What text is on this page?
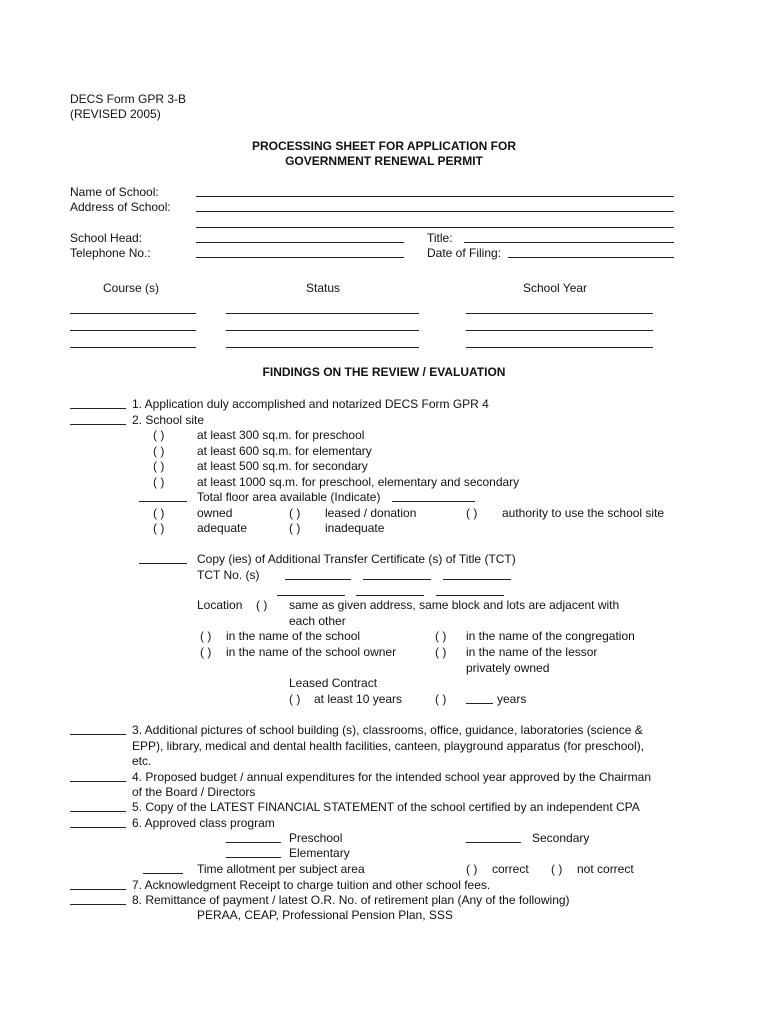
DECS Form GPR 3-B
(REVISED 2005)
PROCESSING SHEET FOR APPLICATION FOR
GOVERNMENT RENEWAL PERMIT
Name of School:
Address of School:
School Head:	Title:
Telephone No.:	Date of Filing:
Course (s)	Status	School Year
FINDINGS ON THE REVIEW / EVALUATION
1. Application duly accomplished and notarized DECS Form GPR 4
2. School site
( )	at least 300 sq.m. for preschool
( )	at least 600 sq.m. for elementary
( )	at least 500 sq.m. for secondary
( )	at least 1000 sq.m. for preschool, elementary and secondary
Total floor area available (Indicate)
( )	owned	( ) leased / donation	( ) authority to use the school site
( )	adequate	( ) inadequate
Copy (ies) of Additional Transfer Certificate (s) of Title (TCT)
TCT No. (s)
Location ( ) same as given address, same block and lots are adjacent with
each other
( ) in the name of the school	( ) in the name of the congregation
( ) in the name of the school owner	( ) in the name of the lessor
privately owned
Leased Contract
( ) at least 10 years	( )	years
3. Additional pictures of school building (s), classrooms, office, guidance, laboratories (science &
EPP), library, medical and dental health facilities, canteen, playground apparatus (for preschool),
etc.
4. Proposed budget / annual expenditures for the intended school year approved by the Chairman
of the Board / Directors
5. Copy of the LATEST FINANCIAL STATEMENT of the school certified by an independent CPA
6. Approved class program
Preschool	Secondary
Elementary
Time allotment per subject area	( ) correct ( ) not correct
7. Acknowledgment Receipt to charge tuition and other school fees.
8. Remittance of payment / latest O.R. No. of retirement plan (Any of the following)
PERAA, CEAP, Professional Pension Plan, SSS
